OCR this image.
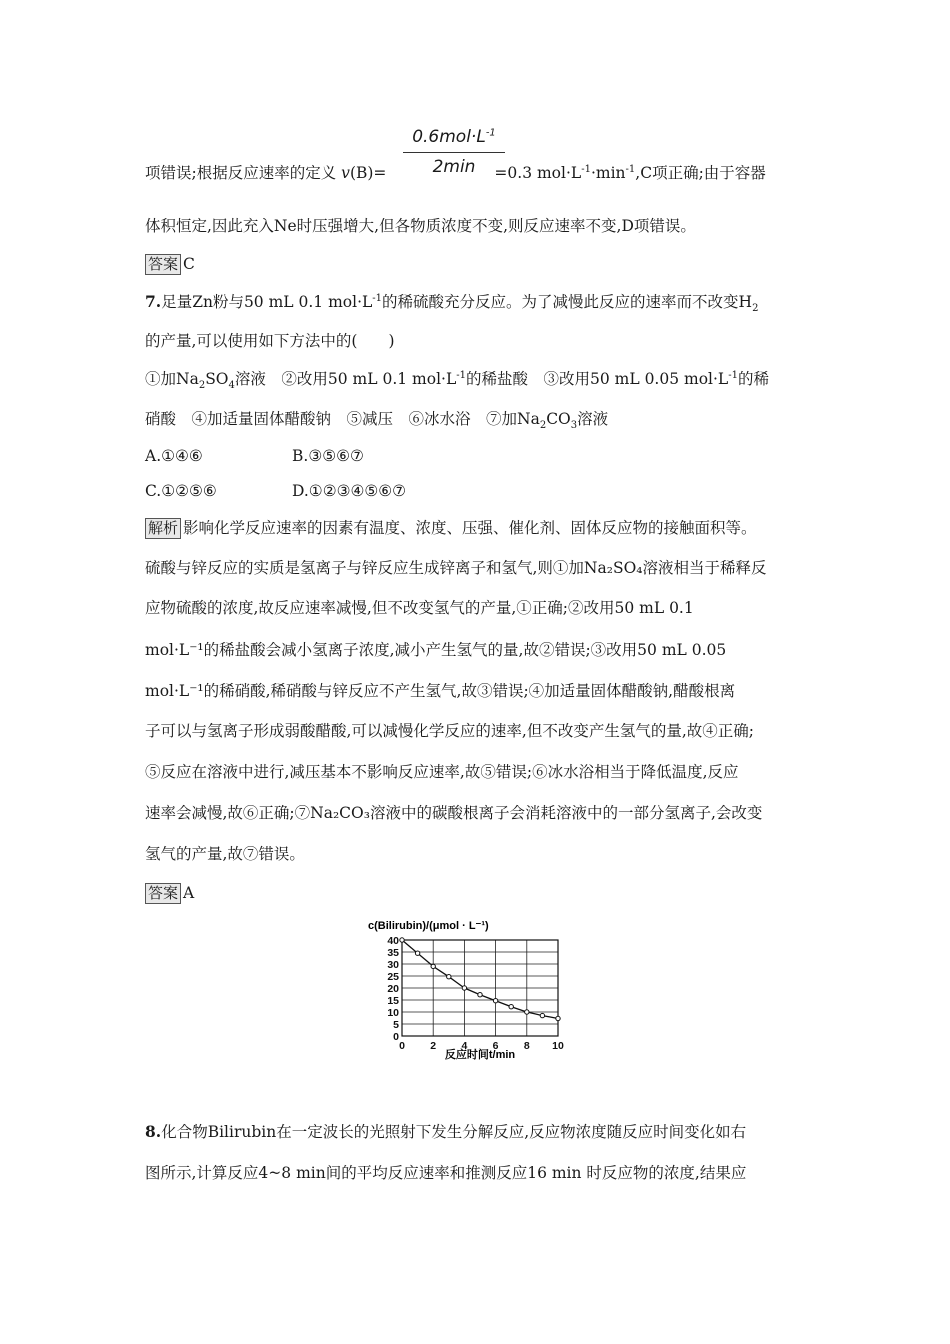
$0.6mol\cdot L^{-1}$
2min
项错误;根据反应速率的定义 v(B)=	=0.3 $mol\cdot L^{-1}\cdot\min^{-1},C$项正确;由于容器
体积恒定,因此充入Ne时压强增大,但各物质浓度不变,则反应速率不变,D项错误。
答案 C
7.足量Zn粉与50 mL 0.1 $mol\cdot L^{-1}$的稀硫酸充分反应。为了减慢此反应的速率而不改变$H_2$
的产量,可以使用如下方法中的(　　)
①加$Na_2SO_4$溶液　②改用50 mL 0.1 $mol\cdot L^{-1}$的稀盐酸　③改用50 mL 0.05 $mol\cdot L^{-1}$的稀
硝酸　④加适量固体醋酸钠　⑤减压　⑥冰水浴　⑦加$Na_2CO_3$溶液
A.①④⑥	B.③⑤⑥⑦
C.①②⑤⑥	D.①②③④⑤⑥⑦
解析 影响化学反应速率的因素有温度、浓度、压强、催化剂、固体反应物的接触面积等。
硫酸与锌反应的实质是氢离子与锌反应生成锌离子和氢气,则①加Na₂SO₄溶液相当于稀释反
应物硫酸的浓度,故反应速率减慢,但不改变氢气的产量,①正确;②改用50 mL 0.1
mol·L⁻¹的稀盐酸会减小氢离子浓度,减小产生氢气的量,故②错误;③改用50 mL 0.05
mol·L⁻¹的稀硝酸,稀硝酸与锌反应不产生氢气,故③错误;④加适量固体醋酸钠,醋酸根离
子可以与氢离子形成弱酸醋酸,可以减慢化学反应的速率,但不改变产生氢气的量,故④正确;
⑤反应在溶液中进行,减压基本不影响反应速率,故⑤错误;⑥冰水浴相当于降低温度,反应
速率会减慢,故⑥正确;⑦Na₂CO₃溶液中的碳酸根离子会消耗溶液中的一部分氢离子,会改变
氢气的产量,故⑦错误。
答案 A
c(Bilirubin)/(μmol · L⁻¹)
0
5
10
15
20
25
30
35
40
0 2 4 6 8 10
反应时间t/min
8.化合物Bilirubin在一定波长的光照射下发生分解反应,反应物浓度随反应时间变化如右
图所示,计算反应4~8 min间的平均反应速率和推测反应16 min 时反应物的浓度,结果应
